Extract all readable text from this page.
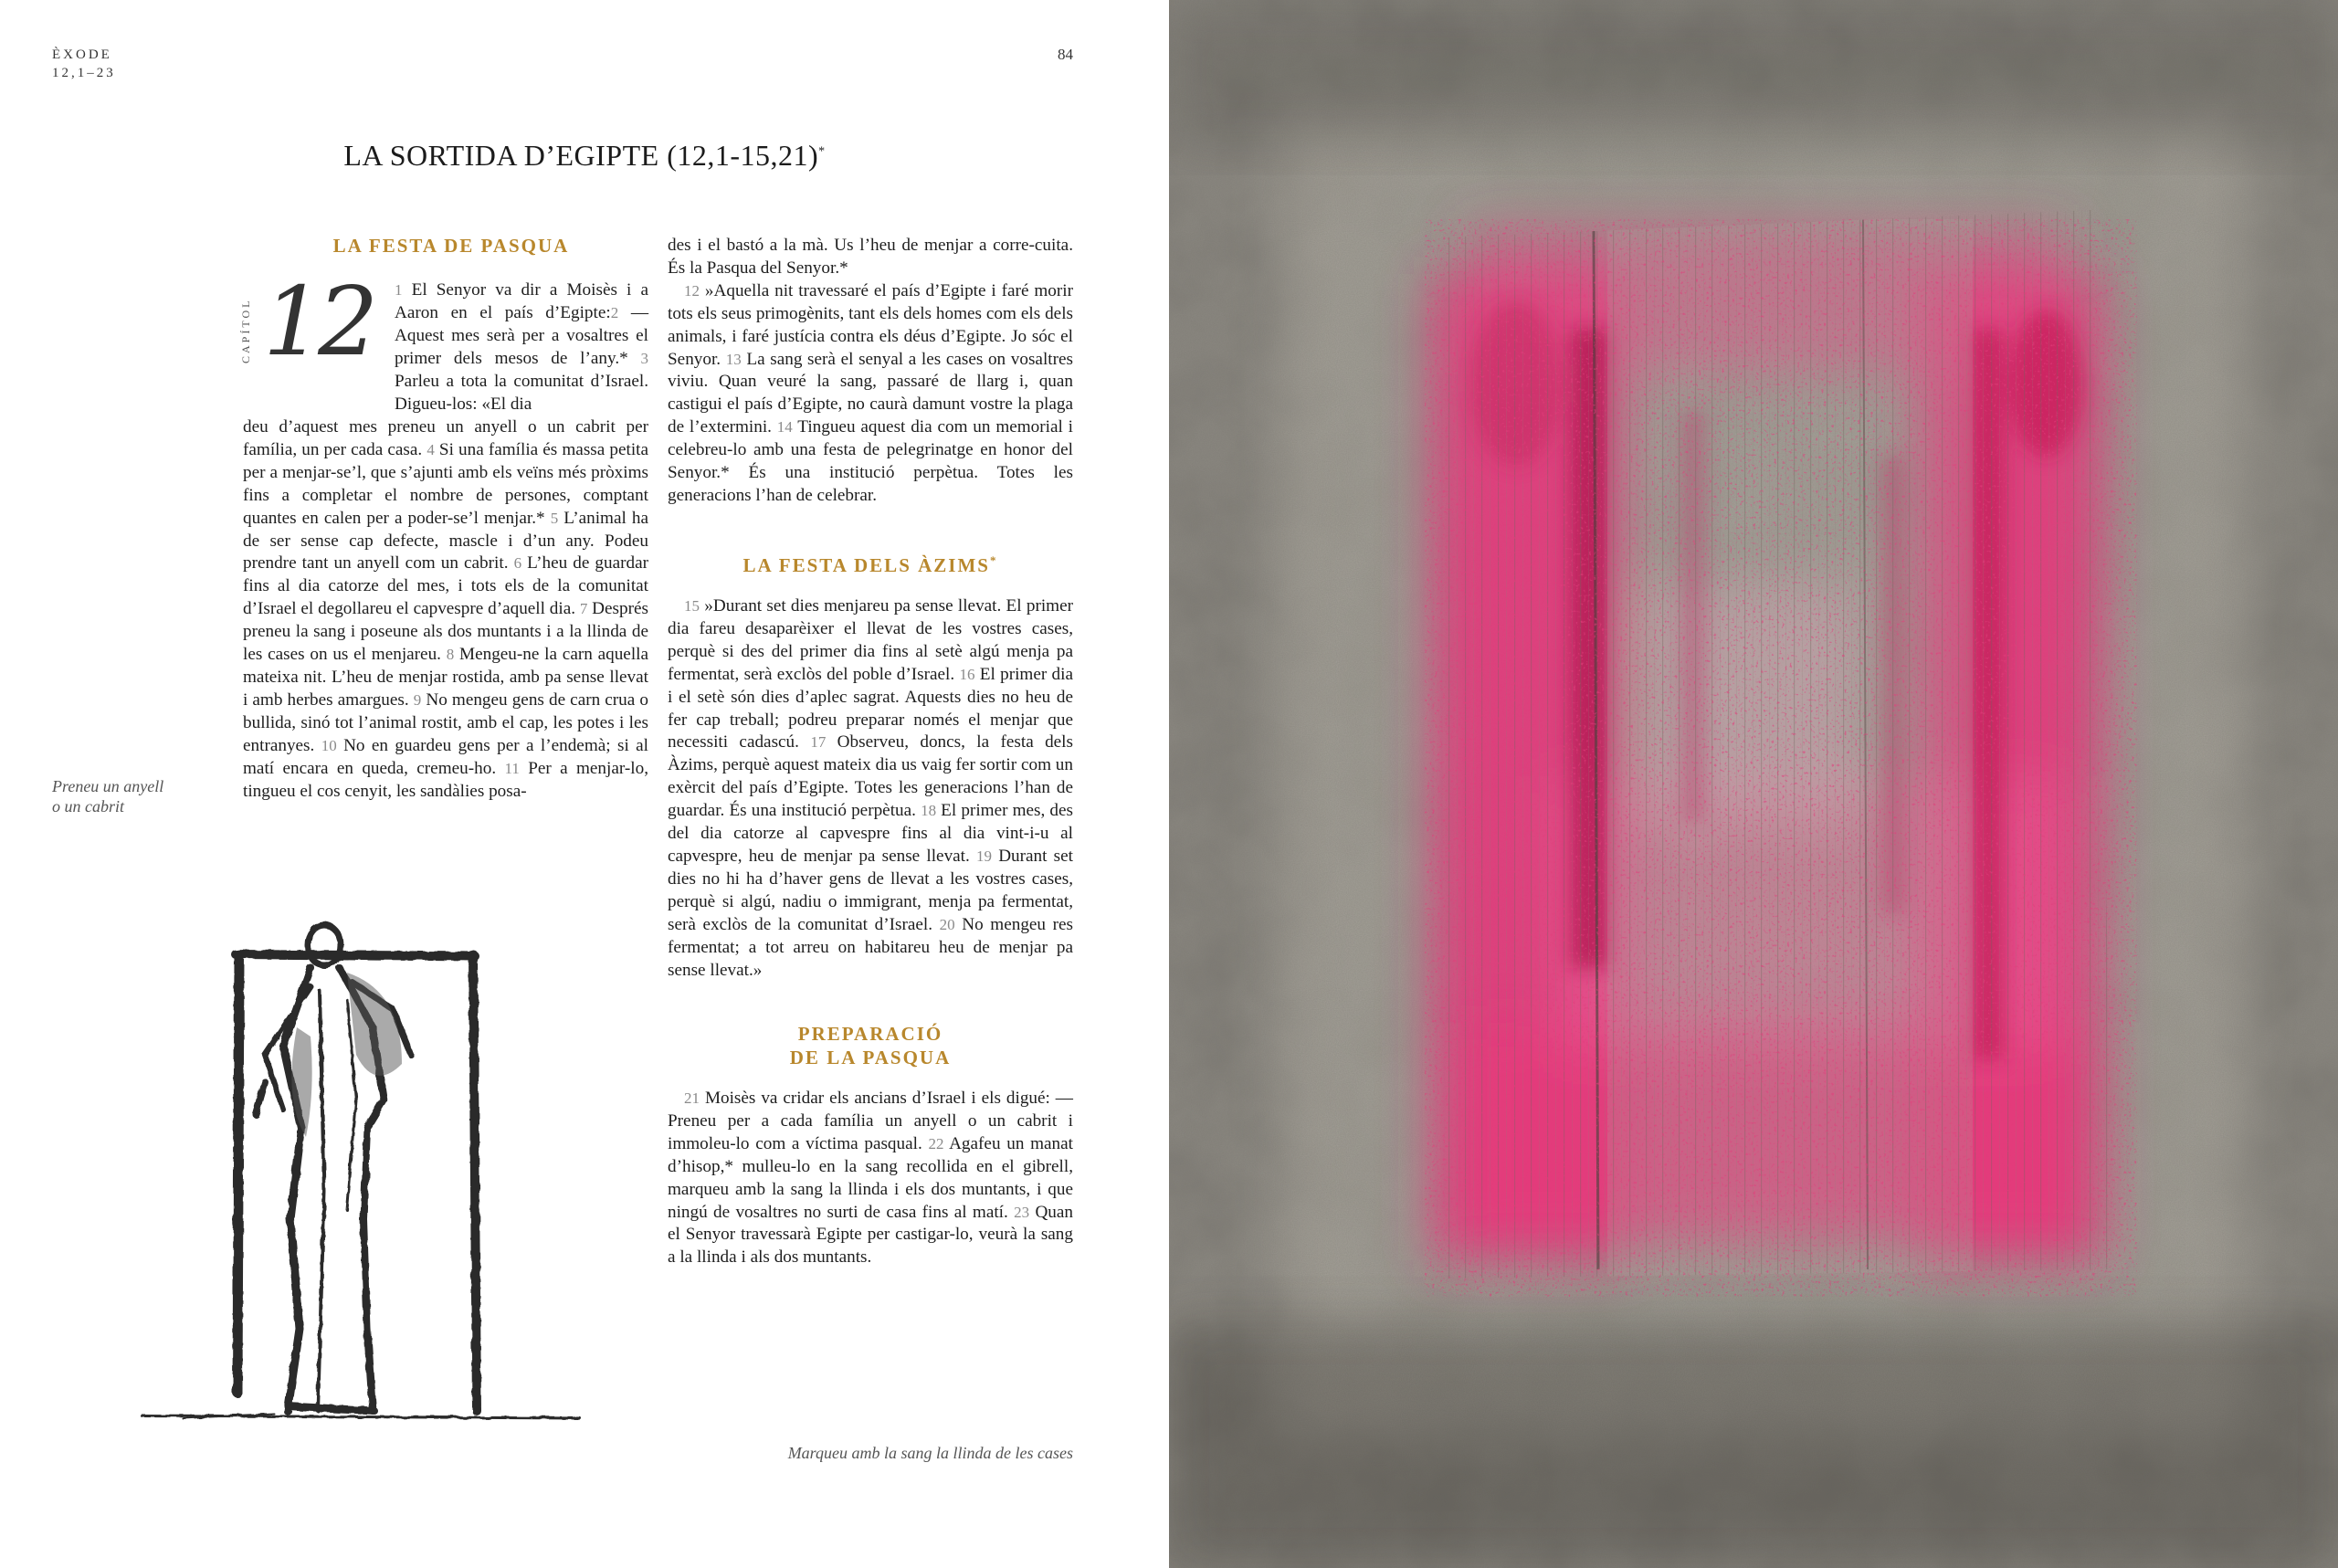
ÈXODE
12,1–23
84
LA SORTIDA D’EGIPTE (12,1-15,21)*
LA FESTA DE PASQUA
CAPÍTOL 12 1 El Senyor va dir a Moisès i a Aaron en el país d’Egipte:2 —Aquest mes serà per a vosaltres el primer dels mesos de l’any.* 3 Parleu a tota la comunitat d’Israel. Digueu-los: «El dia

deu d’aquest mes preneu un anyell o un cabrit per família, un per cada casa. 4 Si una família és massa petita per a menjar-se’l, que s’ajunti amb els veïns més pròxims fins a completar el nombre de persones, comptant quantes en calen per a poder-se’l menjar.* 5 L’animal ha de ser sense cap defecte, mascle i d’un any. Podeu prendre tant un anyell com un cabrit. 6 L’heu de guardar fins al dia catorze del mes, i tots els de la comunitat d’Israel el degollareu el capvespre d’aquell dia. 7 Després preneu la sang i poseune als dos muntants i a la llinda de les cases on us el menjareu. 8 Mengeu-ne la carn aquella mateixa nit. L’heu de menjar rostida, amb pa sense llevat i amb herbes amargues. 9 No mengeu gens de carn crua o bullida, sinó tot l’animal rostit, amb el cap, les potes i les entranyes. 10 No en guardeu gens per a l’endemà; si al matí encara en queda, cremeu-ho. 11 Per a menjar-lo, tingueu el cos cenyit, les sandàlies posa-

Preneu un anyell
o un cabrit

des i el bastó a la mà. Us l’heu de menjar a corre-cuita. És la Pasqua del Senyor.*

12 »Aquella nit travessaré el país d’Egipte i faré morir tots els seus primogènits, tant els dels homes com els dels animals, i faré justícia contra els déus d’Egipte. Jo sóc el Senyor. 13 La sang serà el senyal a les cases on vosaltres viviu. Quan veuré la sang, passaré de llarg i, quan castigui el país d’Egipte, no caurà damunt vostre la plaga de l’extermini. 14 Tingueu aquest dia com un memorial i celebreu-lo amb una festa de pelegrinatge en honor del Senyor.* És una institució perpètua. Totes les generacions l’han de celebrar.

LA FESTA DELS ÀZIMS*

15 »Durant set dies menjareu pa sense llevat. El primer dia fareu desaparèixer el llevat de les vostres cases, perquè si des del primer dia fins al setè algú menja pa fermentat, serà exclòs del poble d’Israel. 16 El primer dia i el setè són dies d’aplec sagrat. Aquests dies no heu de fer cap treball; podreu preparar només el menjar que necessiti cadascú. 17 Observeu, doncs, la festa dels Àzims, perquè aquest mateix dia us vaig fer sortir com un exèrcit del país d’Egipte. Totes les generacions l’han de guardar. És una institució perpètua. 18 El primer mes, des del dia catorze al capvespre fins al dia vint-i-u al capvespre, heu de menjar pa sense llevat. 19 Durant set dies no hi ha d’haver gens de llevat a les vostres cases, perquè si algú, nadiu o immigrant, menja pa fermentat, serà exclòs de la comunitat d’Israel. 20 No mengeu res fermentat; a tot arreu on habitareu heu de menjar pa sense llevat.»

PREPARACIÓ
DE LA PASQUA

21 Moisès va cridar els ancians d’Israel i els digué: —Preneu per a cada família un anyell o un cabrit i immoleu-lo com a víctima pasqual. 22 Agafeu un manat d’hisop,* mulleu-lo en la sang recollida en el gibrell, marqueu amb la sang la llinda i els dos muntants, i que ningú de vosaltres no surti de casa fins al matí. 23 Quan el Senyor travessarà Egipte per castigar-lo, veurà la sang a la llinda i als dos muntants.

Marqueu amb la sang la llinda de les cases
